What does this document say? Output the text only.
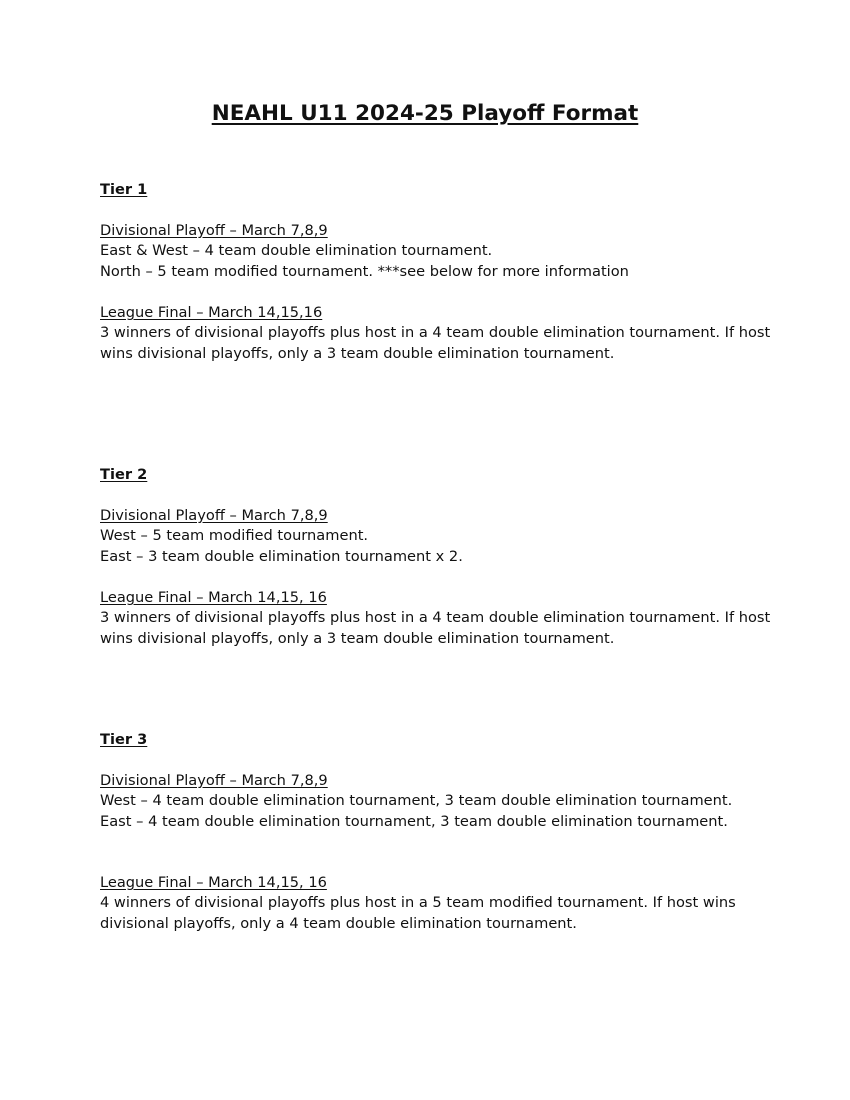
NEAHL U11 2024-25 Playoff Format
Tier 1
Divisional Playoff – March 7,8,9
East & West – 4 team double elimination tournament.
North – 5 team modified tournament. ***see below for more information
League Final – March 14,15,16
3 winners of divisional playoffs plus host in a 4 team double elimination tournament. If host
wins divisional playoffs, only a 3 team double elimination tournament.
Tier 2
Divisional Playoff – March 7,8,9
West – 5 team modified tournament.
East – 3 team double elimination tournament x 2.
League Final – March 14,15, 16
3 winners of divisional playoffs plus host in a 4 team double elimination tournament. If host
wins divisional playoffs, only a 3 team double elimination tournament.
Tier 3
Divisional Playoff – March 7,8,9
West – 4 team double elimination tournament, 3 team double elimination tournament.
East – 4 team double elimination tournament, 3 team double elimination tournament.
League Final – March 14,15, 16
4 winners of divisional playoffs plus host in a 5 team modified tournament. If host wins
divisional playoffs, only a 4 team double elimination tournament.
